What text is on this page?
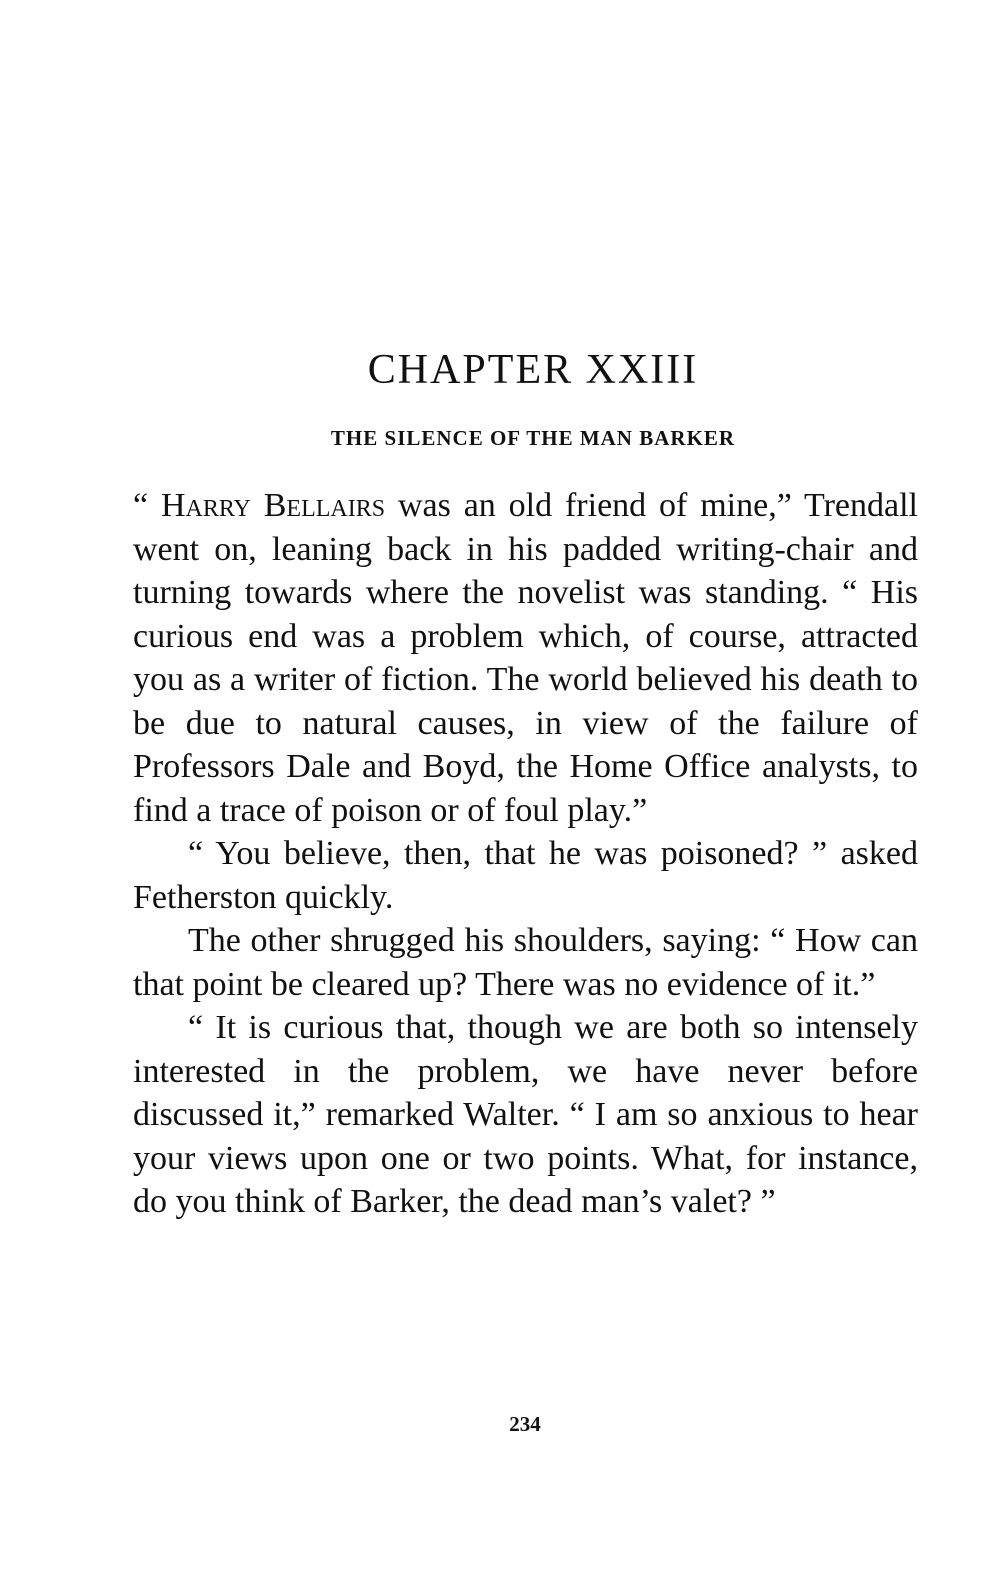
CHAPTER XXIII
THE SILENCE OF THE MAN BARKER

“ Harry Bellairs was an old friend of mine,” Trendall went on, leaning back in his padded writing-chair and turning towards where the novelist was standing. “ His curious end was a problem which, of course, attracted you as a writer of fiction. The world believed his death to be due to natural causes, in view of the failure of Professors Dale and Boyd, the Home Office analysts, to find a trace of poison or of foul play.”

“ You believe, then, that he was poisoned? ” asked Fetherston quickly.

The other shrugged his shoulders, saying: “ How can that point be cleared up? There was no evidence of it.”

“ It is curious that, though we are both so intensely interested in the problem, we have never before discussed it,” remarked Walter. “ I am so anxious to hear your views upon one or two points. What, for instance, do you think of Barker, the dead man’s valet? ”

234
